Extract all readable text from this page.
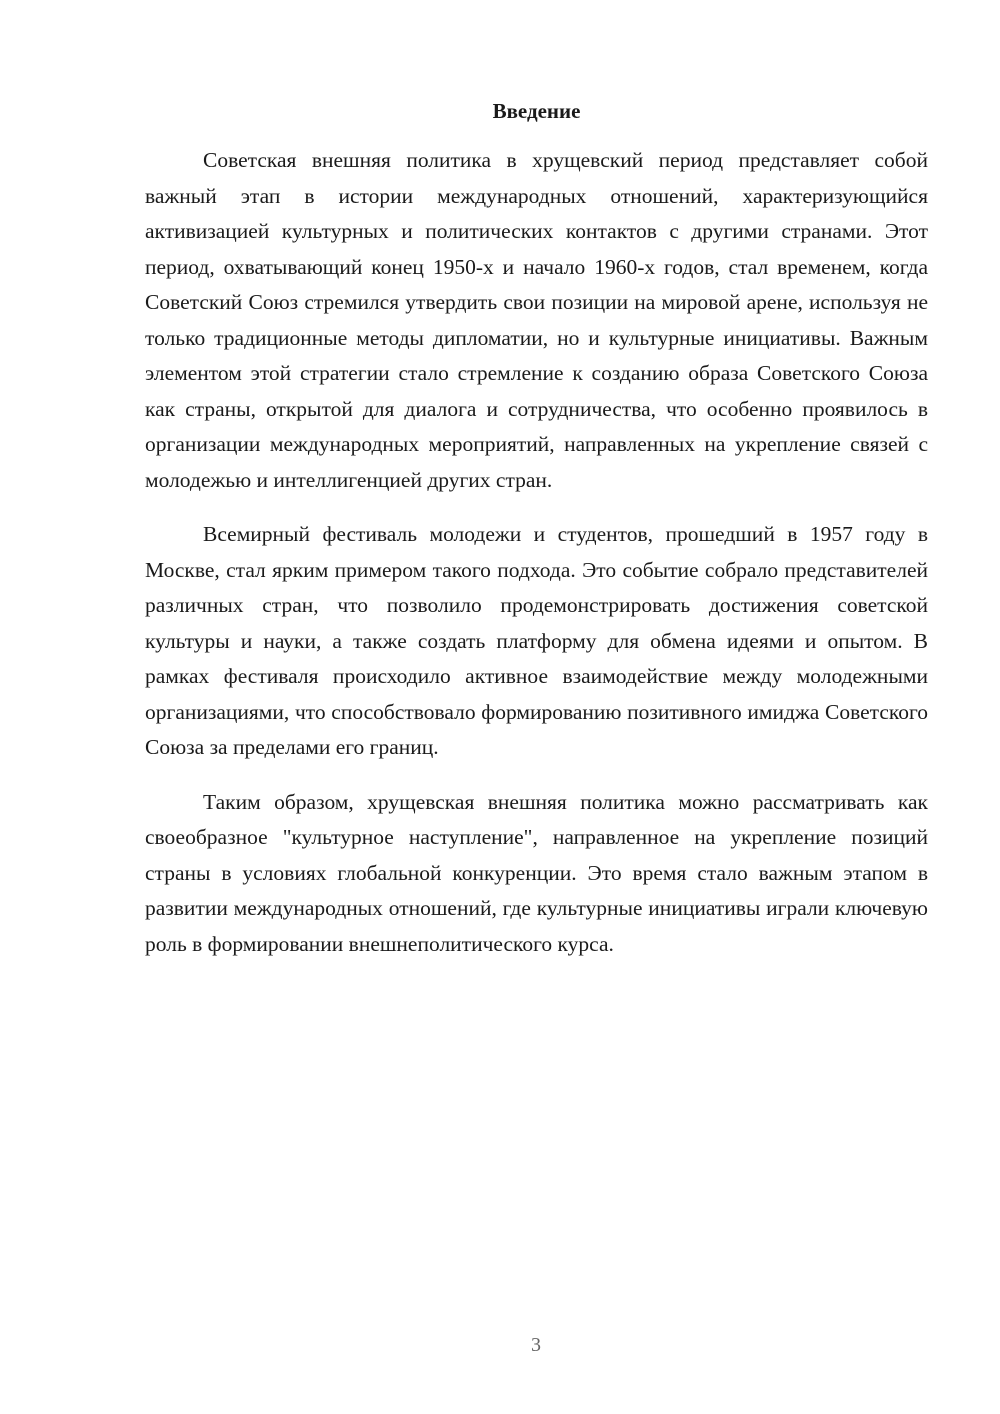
Введение

Советская внешняя политика в хрущевский период представляет собой важный этап в истории международных отношений, характеризующийся активизацией культурных и политических контактов с другими странами. Этот период, охватывающий конец 1950-х и начало 1960-х годов, стал временем, когда Советский Союз стремился утвердить свои позиции на мировой арене, используя не только традиционные методы дипломатии, но и культурные инициативы. Важным элементом этой стратегии стало стремление к созданию образа Советского Союза как страны, открытой для диалога и сотрудничества, что особенно проявилось в организации международных мероприятий, направленных на укрепление связей с молодежью и интеллигенцией других стран.

Всемирный фестиваль молодежи и студентов, прошедший в 1957 году в Москве, стал ярким примером такого подхода. Это событие собрало представителей различных стран, что позволило продемонстрировать достижения советской культуры и науки, а также создать платформу для обмена идеями и опытом. В рамках фестиваля происходило активное взаимодействие между молодежными организациями, что способствовало формированию позитивного имиджа Советского Союза за пределами его границ.

Таким образом, хрущевская внешняя политика можно рассматривать как своеобразное "культурное наступление", направленное на укрепление позиций страны в условиях глобальной конкуренции. Это время стало важным этапом в развитии международных отношений, где культурные инициативы играли ключевую роль в формировании внешнеполитического курса.

3
